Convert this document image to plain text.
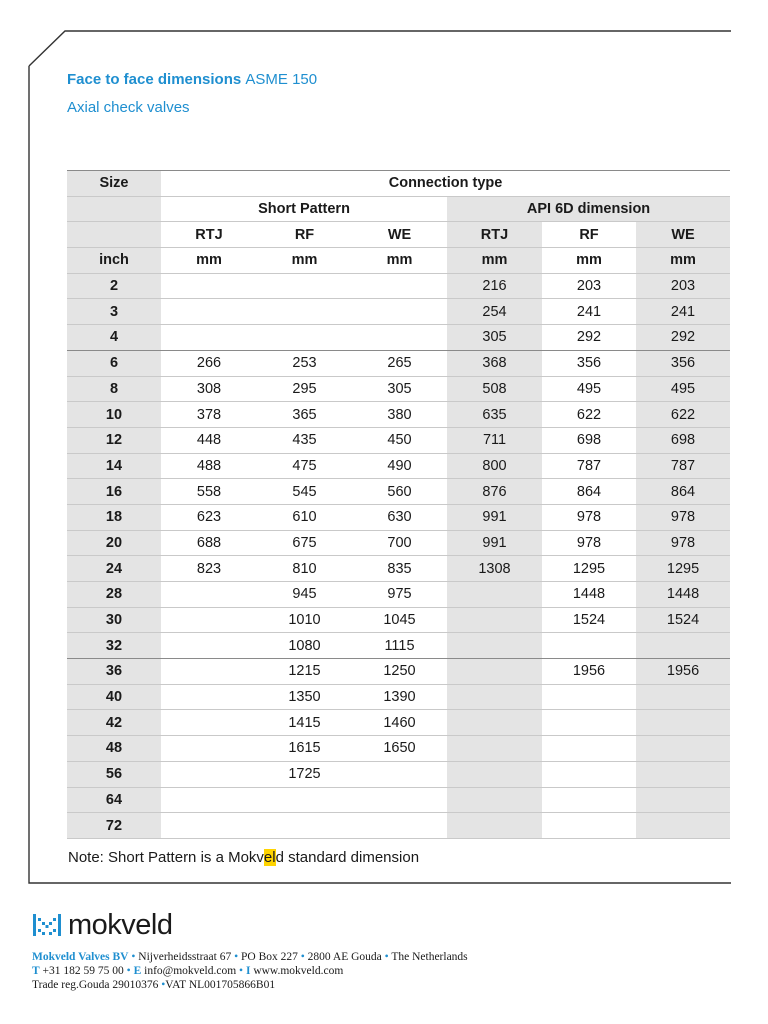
Face to face dimensions ASME 150
Axial check valves
Size	Connection type					
	Short Pattern			API 6D dimension		
	RTJ	RF	WE	RTJ	RF	WE
inch	mm	mm	mm	mm	mm	mm
2				216	203	203
3				254	241	241
4				305	292	292
6	266	253	265	368	356	356
8	308	295	305	508	495	495
10	378	365	380	635	622	622
12	448	435	450	711	698	698
14	488	475	490	800	787	787
16	558	545	560	876	864	864
18	623	610	630	991	978	978
20	688	675	700	991	978	978
24	823	810	835	1308	1295	1295
28		945	975		1448	1448
30		1010	1045		1524	1524
32		1080	1115			
36		1215	1250		1956	1956
40		1350	1390			
42		1415	1460			
48		1615	1650			
56		1725				
64						
72						
Note: Short Pattern is a Mokveld standard dimension
mokveld
Mokveld Valves BV • Nijverheidsstraat 67 • PO Box 227 • 2800 AE Gouda • The Netherlands
T +31 182 59 75 00 • E info@mokveld.com • I www.mokveld.com
Trade reg.Gouda 29010376 •VAT NL001705866B01
